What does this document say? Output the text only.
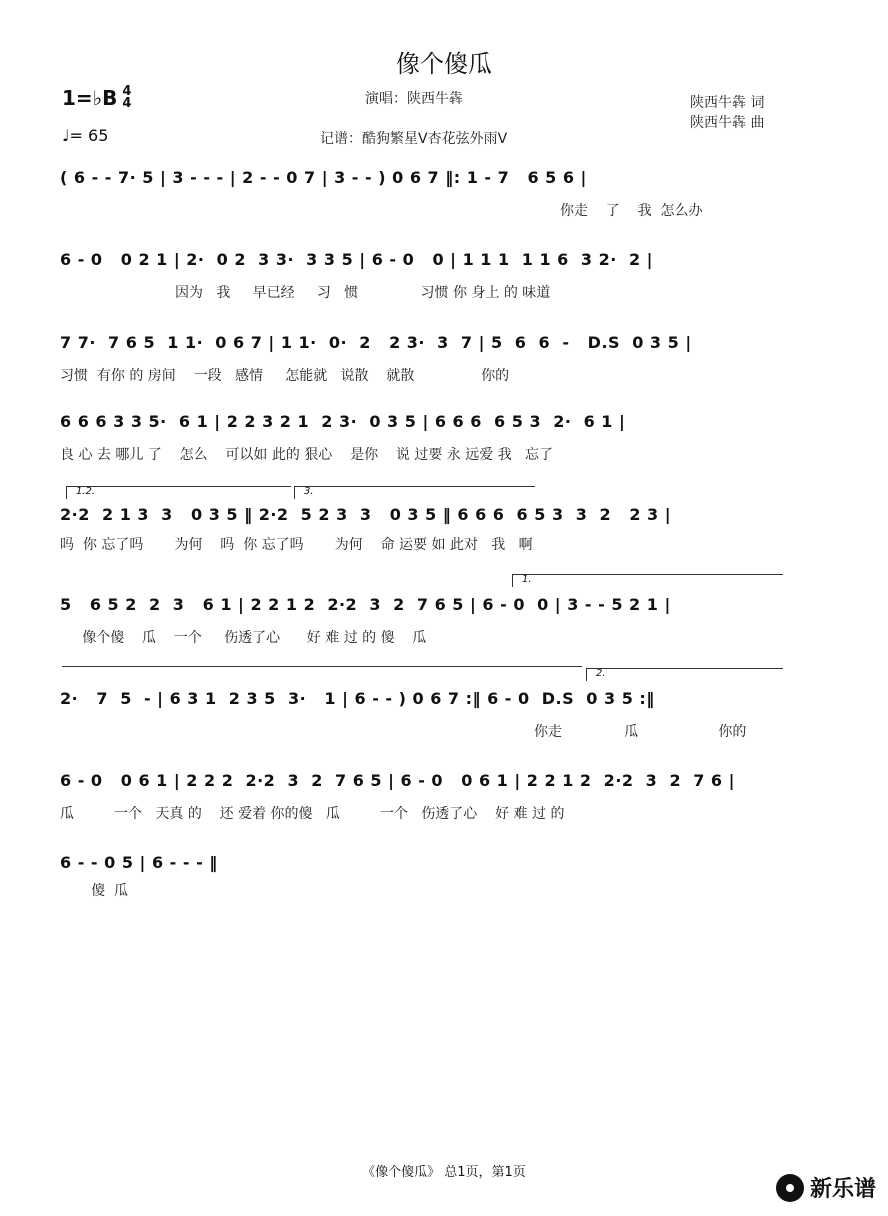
像个傻瓜
1=♭B 4
4
♩= 65
演唱：陕西牛犇
记谱：酷狗繁星V杏花弦外雨V
陕西牛犇 词
陕西牛犇 曲
( 6 - - 7· 5 | 3 - - - | 2 - - 0 7 | 3 - - ) 0 6 7 ‖: 1 - 7   6 5 6 |
你走    了    我  怎么办
6 - 0   0 2 1 | 2·  0 2  3 3·  3 3 5 | 6 - 0   0 | 1 1 1  1 1 6  3 2·  2 |
因为   我     早已经     习   惯              习惯 你 身上 的 味道
7 7·  7 6 5  1 1·  0 6 7 | 1 1·  0·  2   2 3·  3  7 | 5  6  6  -   D.S  0 3 5 |
习惯  有你 的 房间    一段   感情     怎能就   说散    就散               你的
6 6 6 3 3 5·  6 1 | 2 2 3 2 1  2 3·  0 3 5 | 6 6 6  6 5 3  2·  6 1 |
良 心 去 哪儿 了    怎么    可以如 此的 狠心    是你    说 过要 永 远爱 我   忘了
1.2.	3.
2·2  2 1 3  3   0 3 5 ‖ 2·2  5 2 3  3   0 3 5 ‖ 6 6 6  6 5 3  3  2   2 3 |
吗  你 忘了吗       为何    吗  你 忘了吗       为何    命 运要 如 此对   我   啊
1.
5   6 5 2  2  3   6 1 | 2 2 1 2  2·2  3  2  7 6 5 | 6 - 0  0 | 3 - - 5 2 1 |
像个傻    瓜    一个     伤透了心      好 难 过 的 傻    瓜
2.
2·   7  5  - | 6 3 1  2 3 5  3·   1 | 6 - - ) 0 6 7 :‖ 6 - 0  D.S  0 3 5 :‖
你走              瓜                  你的
6 - 0   0 6 1 | 2 2 2  2·2  3  2  7 6 5 | 6 - 0   0 6 1 | 2 2 1 2  2·2  3  2  7 6 |
瓜         一个   天真 的    还 爱着 你的傻   瓜         一个   伤透了心    好 难 过 的
6 - - 0 5 | 6 - - - ‖
傻  瓜
《像个傻瓜》 总1页，第1页
新乐谱
